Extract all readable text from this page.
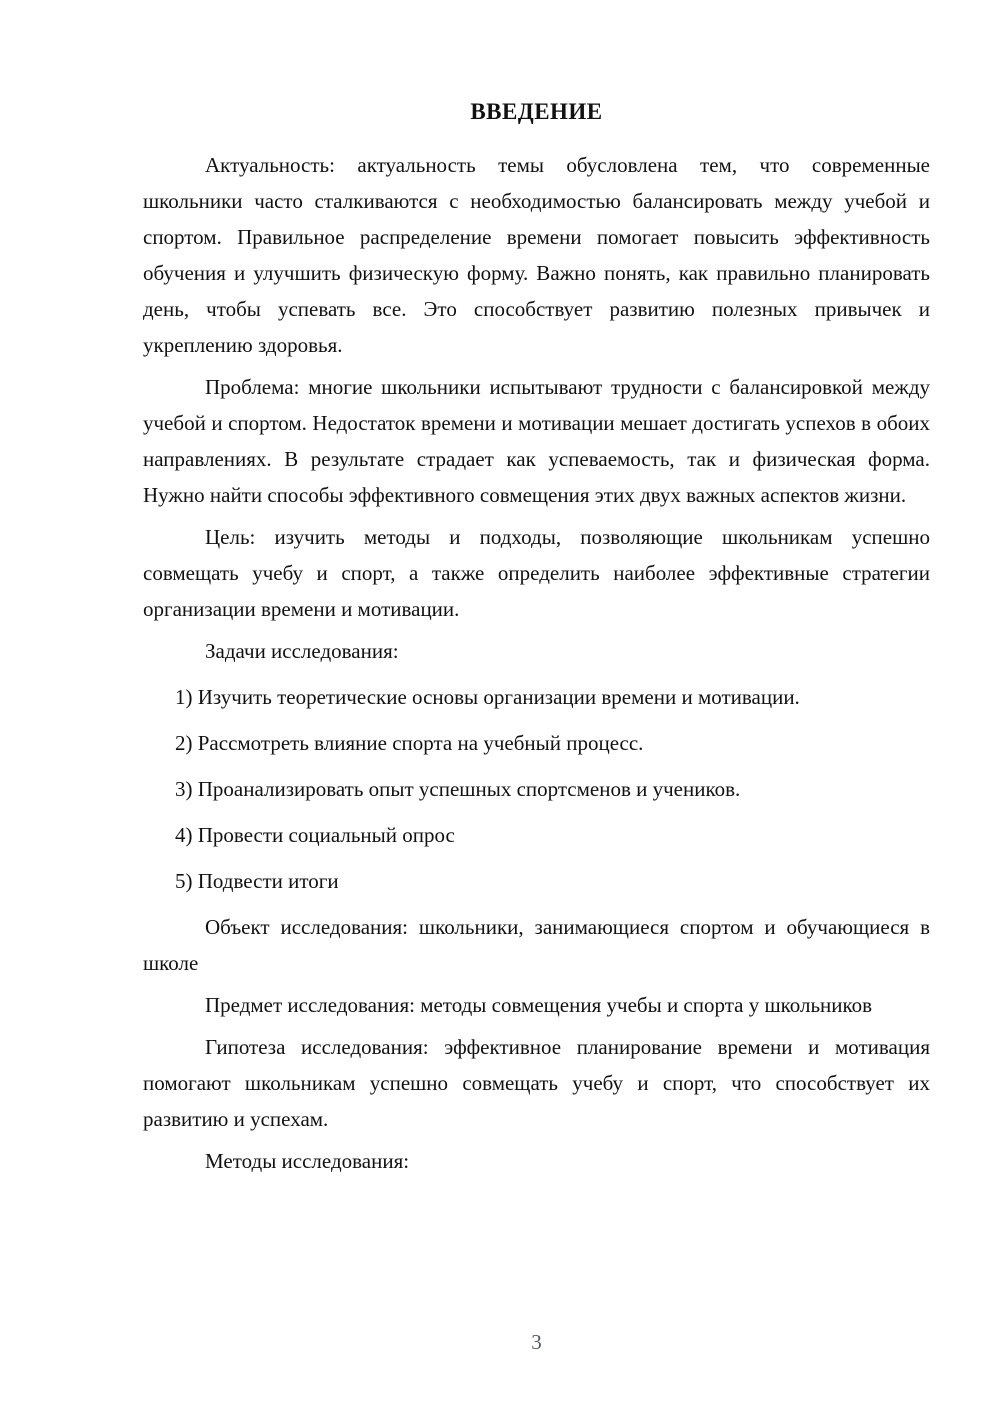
ВВЕДЕНИЕ

Актуальность: актуальность темы обусловлена тем, что современные школьники часто сталкиваются с необходимостью балансировать между учебой и спортом. Правильное распределение времени помогает повысить эффективность обучения и улучшить физическую форму. Важно понять, как правильно планировать день, чтобы успевать все. Это способствует развитию полезных привычек и укреплению здоровья.

Проблема: многие школьники испытывают трудности с балансировкой между учебой и спортом. Недостаток времени и мотивации мешает достигать успехов в обоих направлениях. В результате страдает как успеваемость, так и физическая форма. Нужно найти способы эффективного совмещения этих двух важных аспектов жизни.

Цель: изучить методы и подходы, позволяющие школьникам успешно совмещать учебу и спорт, а также определить наиболее эффективные стратегии организации времени и мотивации.

Задачи исследования:

1) Изучить теоретические основы организации времени и мотивации.

2) Рассмотреть влияние спорта на учебный процесс.

3) Проанализировать опыт успешных спортсменов и учеников.

4) Провести социальный опрос

5) Подвести итоги

Объект исследования: школьники, занимающиеся спортом и обучающиеся в школе

Предмет исследования: методы совмещения учебы и спорта у школьников

Гипотеза исследования: эффективное планирование времени и мотивация помогают школьникам успешно совмещать учебу и спорт, что способствует их развитию и успехам.

Методы исследования:

3
